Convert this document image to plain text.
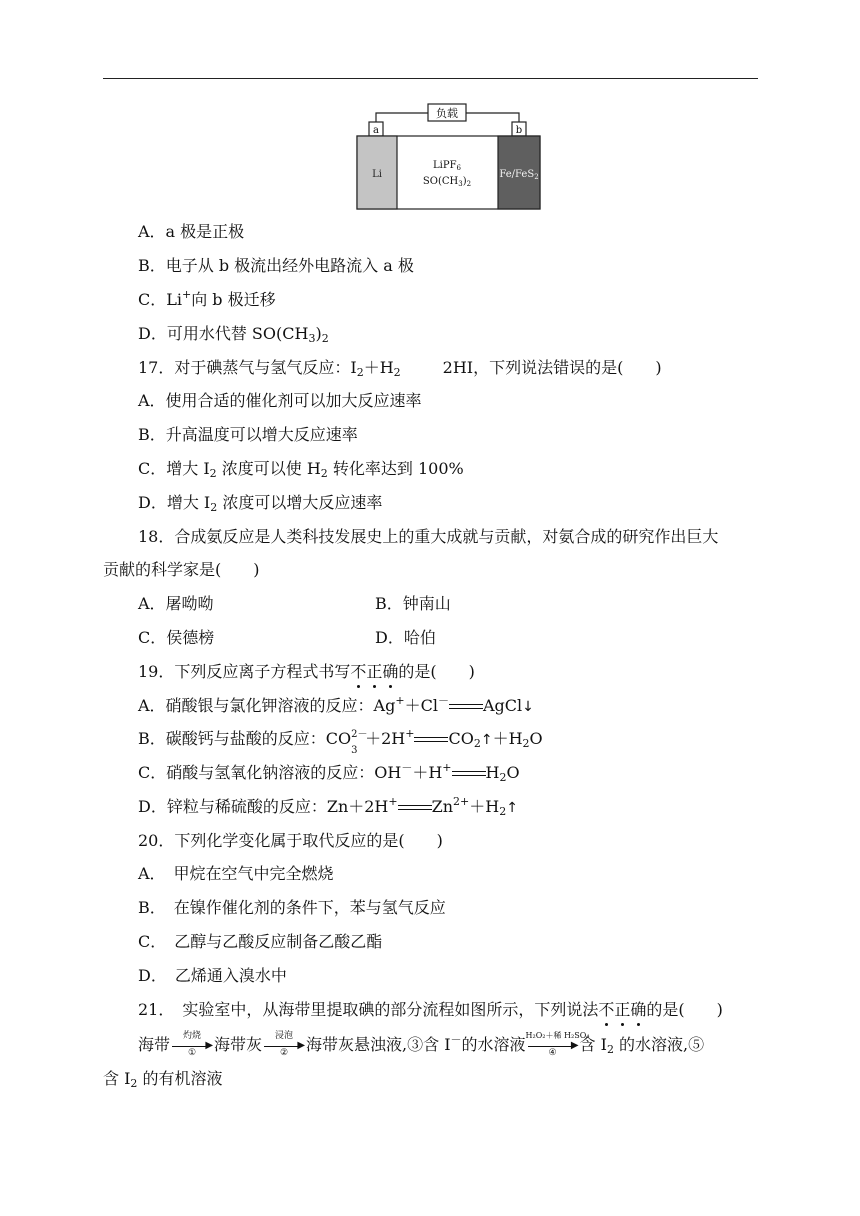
负载
a	b
Li
LiPF$_6$
$SO(CH_3)_2$
Fe/FeS$_2$
A．a 极是正极
B．电子从 b 极流出经外电路流入 a 极
C．Li+向 b 极迁移
D．可用水代替 $SO(CH_3)_2$
17．对于碘蒸气与氢气反应：$I_2+H_2$	2HI，下列说法错误的是(　　)
A．使用合适的催化剂可以加大反应速率
B．升高温度可以增大反应速率
C．增大 $I_2$ 浓度可以使 $H_2$ 转化率达到 100%
D．增大 $I_2$ 浓度可以增大反应速率
18．合成氨反应是人类科技发展史上的重大成就与贡献，对氨合成的研究作出巨大
贡献的科学家是(　　)
A．屠呦呦	B．钟南山
C．侯德榜	D．哈伯
19．下列反应离子方程式书写不正确的是(　　)
A．硝酸银与氯化钾溶液的反应：Ag+＋Cl－ AgCl↓
B．碳酸钙与盐酸的反应：CO 2－
3
＋2H+ $CO_2↑+H_2O$
C．硝酸与氢氧化钠溶液的反应：OH－＋H+ $H_2O$
D．锌粒与稀硫酸的反应：Zn＋2H+ $Zn^{2+}+H_2↑$
20．下列化学变化属于取代反应的是(　　)
A．　甲烷在空气中完全燃烧
B．　在镍作催化剂的条件下，苯与氢气反应
C．　乙醇与乙酸反应制备乙酸乙酯
D．　乙烯通入溴水中
21．　实验室中，从海带里提取碘的部分流程如图所示，下列说法不正确的是(　　)
海带	灼烧
▶
①	海带灰	浸泡
▶
②	海带灰悬浊液,③含 I－的水溶液 H₂O₂＋稀 H₂SO₄
▶
④	含 $I_2$ 的水溶液,⑤
含 $I_2$ 的有机溶液
